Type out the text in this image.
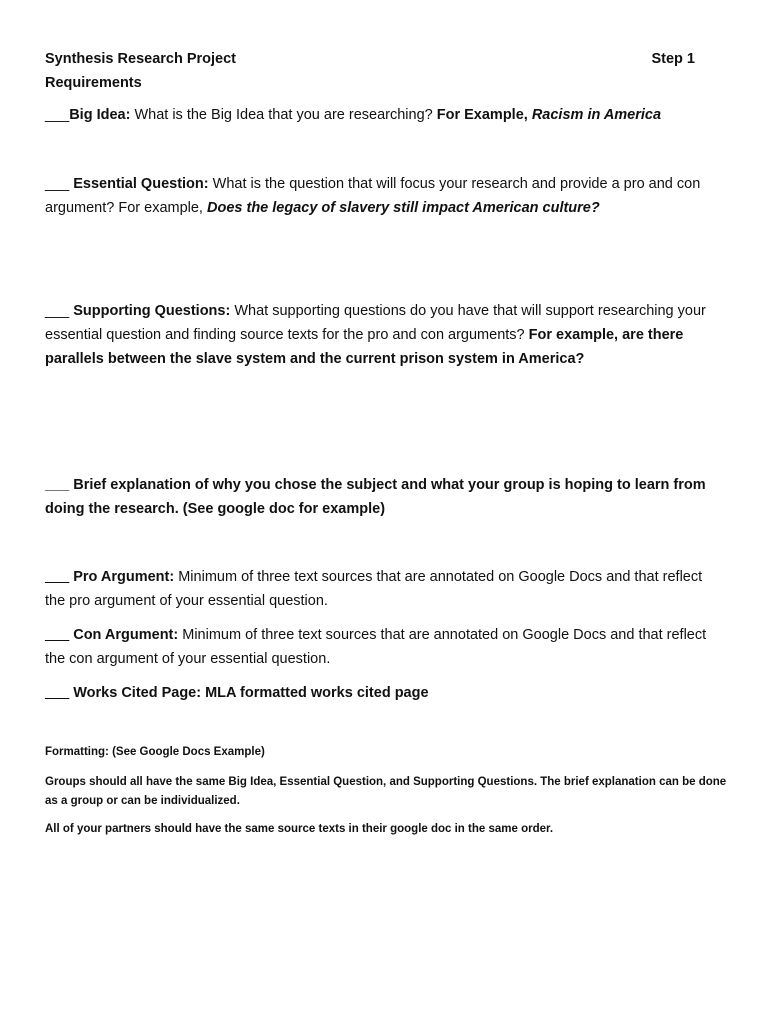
Synthesis Research Project	Step 1
Requirements
___Big Idea: What is the Big Idea that you are researching? For Example, Racism in America
___ Essential Question: What is the question that will focus your research and provide a pro and con argument? For example, Does the legacy of slavery still impact American culture?
___ Supporting Questions: What supporting questions do you have that will support researching your essential question and finding source texts for the pro and con arguments? For example, are there parallels between the slave system and the current prison system in America?
___ Brief explanation of why you chose the subject and what your group is hoping to learn from doing the research. (See google doc for example)
___ Pro Argument: Minimum of three text sources that are annotated on Google Docs and that reflect the pro argument of your essential question.
___ Con Argument: Minimum of three text sources that are annotated on Google Docs and that reflect the con argument of your essential question.
___ Works Cited Page: MLA formatted works cited page
Formatting: (See Google Docs Example)
Groups should all have the same Big Idea, Essential Question, and Supporting Questions. The brief explanation can be done as a group or can be individualized.
All of your partners should have the same source texts in their google doc in the same order.
